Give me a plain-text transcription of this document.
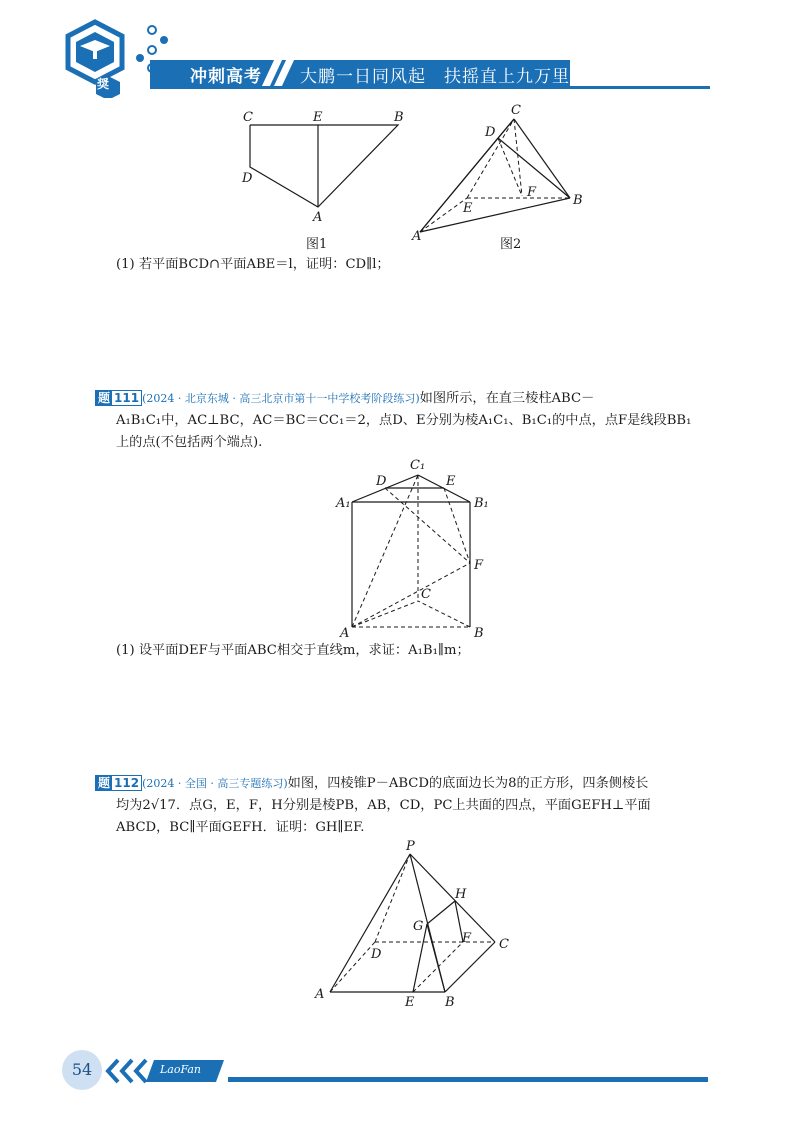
奨	冲刺高考 大鹏一日同风起　扶摇直上九万里
C	E	B
D
A
图1
C
D
F
B
E
A
图2
(1) 若平面BCD∩平面ABE＝l，证明：CD∥l；
题 111 (2024 · 北京东城 · 高三北京市第十一中学校考阶段练习)如图所示，在直三棱柱ABC－
A₁B₁C₁中，AC⊥BC，AC＝BC＝CC₁＝2，点D、E分别为棱A₁C₁、B₁C₁的中点，点F是线段BB₁
上的点(不包括两个端点).
C₁
D	E
A₁	B₁
F
C
A	B
(1) 设平面DEF与平面ABC相交于直线m，求证：A₁B₁∥m；
题 112 (2024 · 全国 · 高三专题练习)如图，四棱锥P－ABCD的底面边长为8的正方形，四条侧棱长
均为2√17．点G，E，F，H分别是棱PB，AB，CD，PC上共面的四点，平面GEFH⊥平面
ABCD，BC∥平面GEFH．证明：GH∥EF.
P
H
G
F C
D
A
E B
54	LaoFan
